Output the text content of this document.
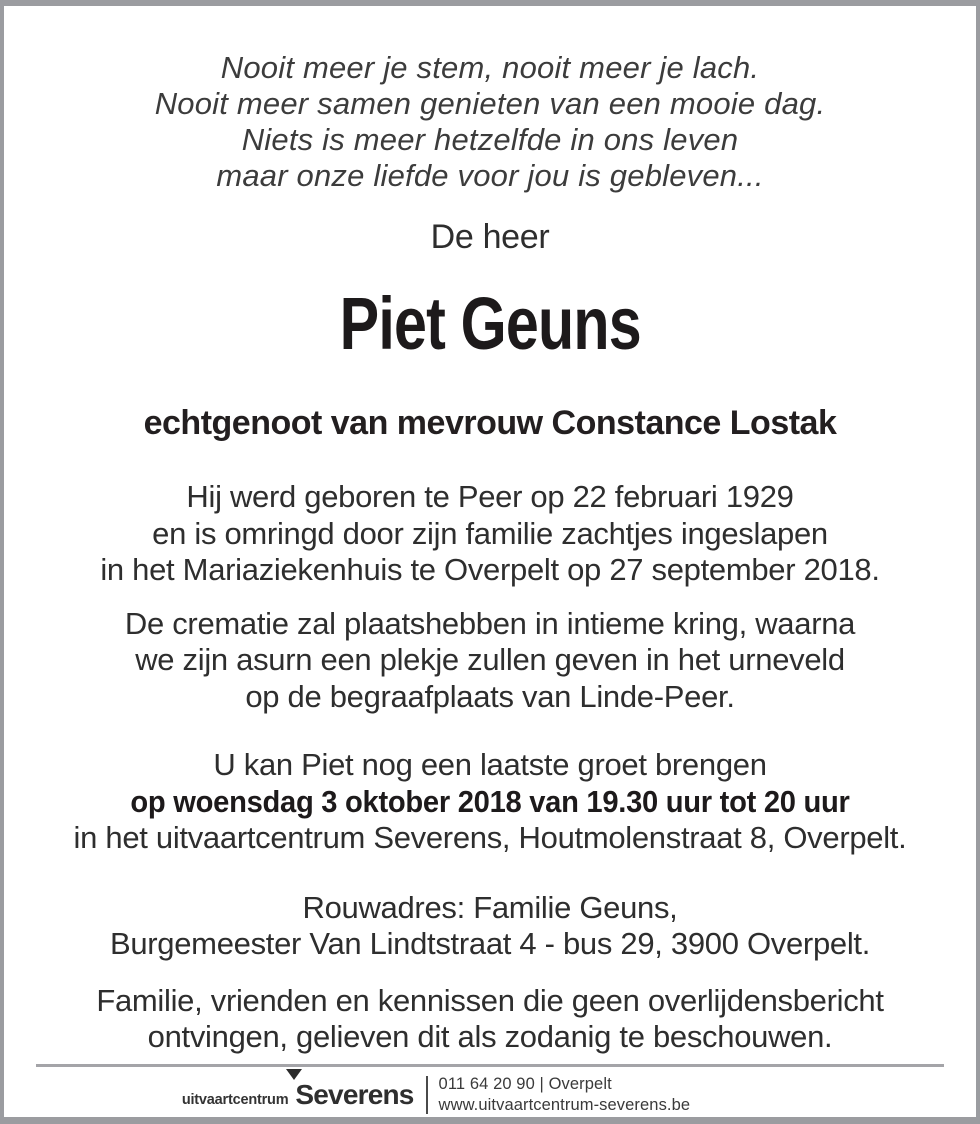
Nooit meer je stem, nooit meer je lach.
Nooit meer samen genieten van een mooie dag.
Niets is meer hetzelfde in ons leven
maar onze liefde voor jou is gebleven...
De heer
Piet Geuns
echtgenoot van mevrouw Constance Lostak

Hij werd geboren te Peer op 22 februari 1929
en is omringd door zijn familie zachtjes ingeslapen
in het Mariaziekenhuis te Overpelt op 27 september 2018.

De crematie zal plaatshebben in intieme kring, waarna
we zijn asurn een plekje zullen geven in het urneveld
op de begraafplaats van Linde-Peer.

U kan Piet nog een laatste groet brengen
op woensdag 3 oktober 2018 van 19.30 uur tot 20 uur
in het uitvaartcentrum Severens, Houtmolenstraat 8, Overpelt.

Rouwadres: Familie Geuns,
Burgemeester Van Lindtstraat 4 - bus 29, 3900 Overpelt.

Familie, vrienden en kennissen die geen overlijdensbericht
ontvingen, gelieven dit als zodanig te beschouwen.

uitvaartcentrum Severens 011 64 20 90 | Overpelt
www.uitvaartcentrum-severens.be
